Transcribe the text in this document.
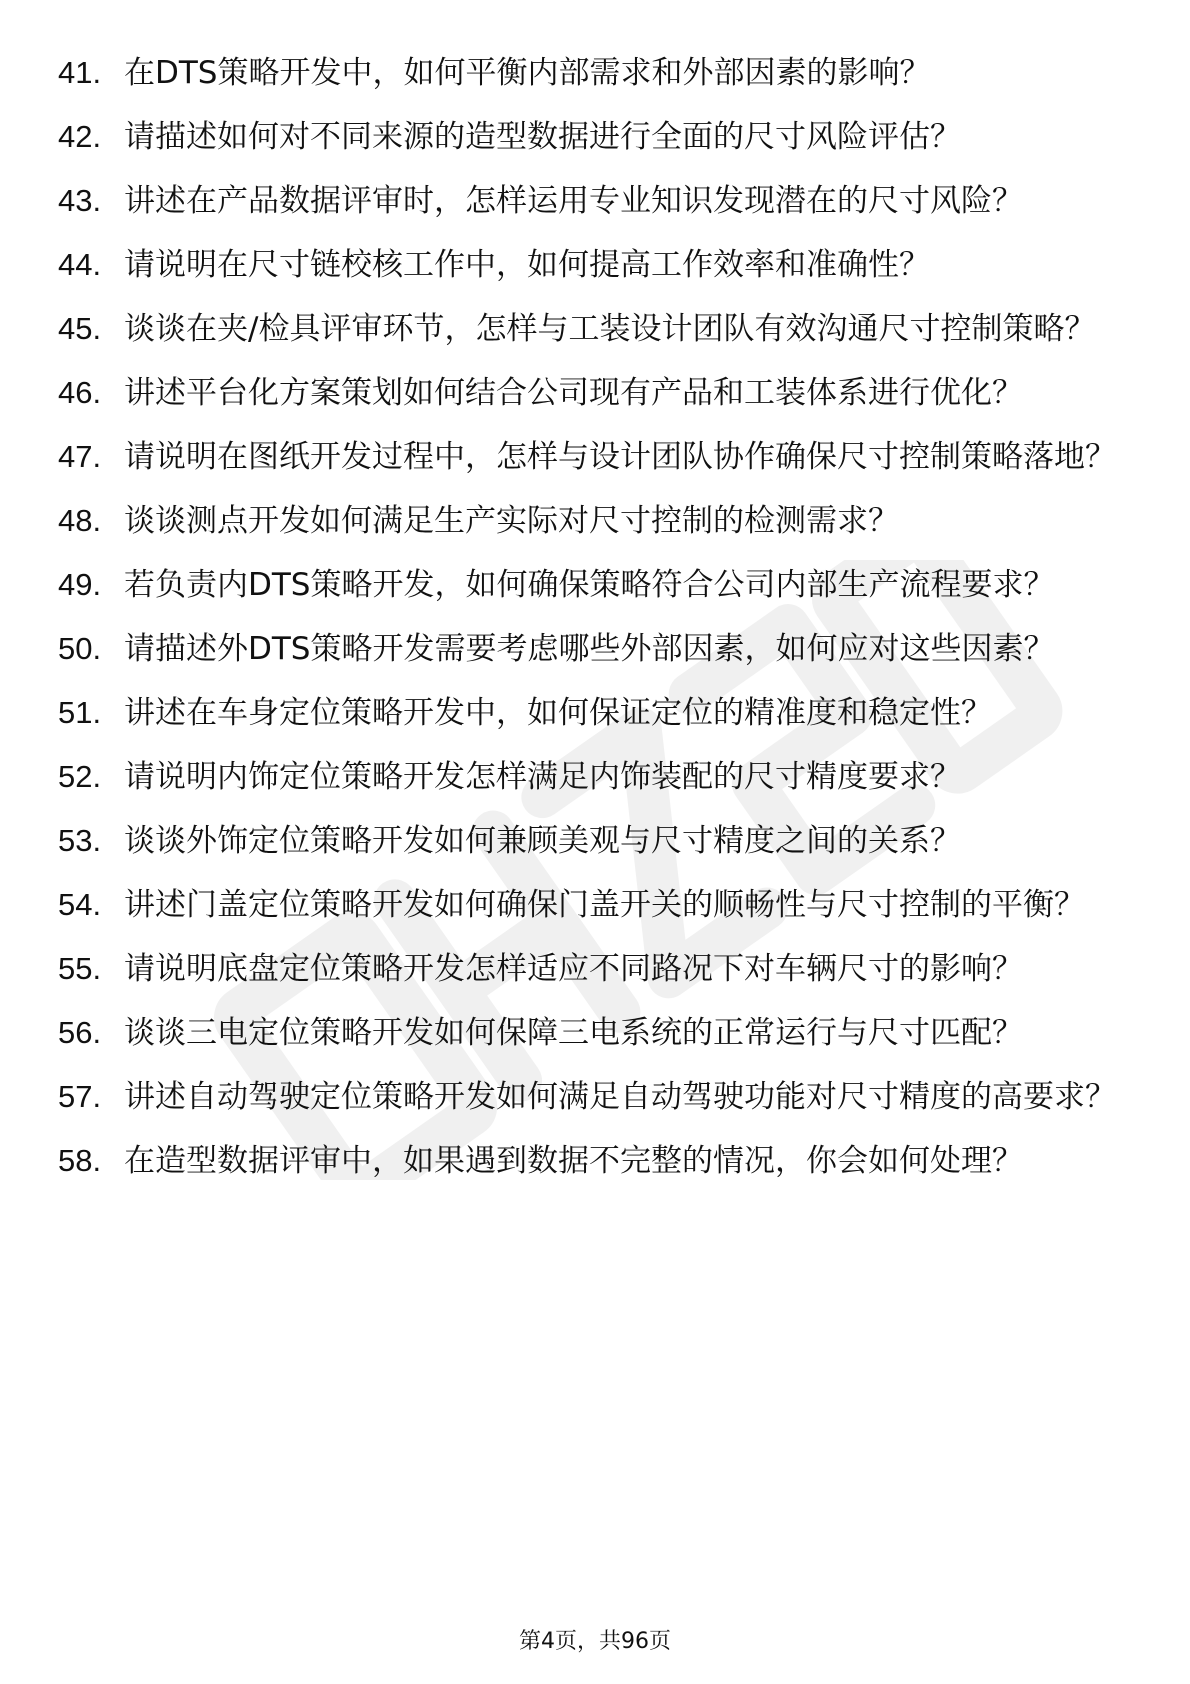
41. 在DTS策略开发中，如何平衡内部需求和外部因素的影响？
42. 请描述如何对不同来源的造型数据进行全面的尺寸风险评估？
43. 讲述在产品数据评审时，怎样运用专业知识发现潜在的尺寸风险？
44. 请说明在尺寸链校核工作中，如何提高工作效率和准确性？
45. 谈谈在夹/检具评审环节，怎样与工装设计团队有效沟通尺寸控制策略？
46. 讲述平台化方案策划如何结合公司现有产品和工装体系进行优化？
47. 请说明在图纸开发过程中，怎样与设计团队协作确保尺寸控制策略落地？
48. 谈谈测点开发如何满足生产实际对尺寸控制的检测需求？
49. 若负责内DTS策略开发，如何确保策略符合公司内部生产流程要求？
50. 请描述外DTS策略开发需要考虑哪些外部因素，如何应对这些因素？
51. 讲述在车身定位策略开发中，如何保证定位的精准度和稳定性？
52. 请说明内饰定位策略开发怎样满足内饰装配的尺寸精度要求？
53. 谈谈外饰定位策略开发如何兼顾美观与尺寸精度之间的关系？
54. 讲述门盖定位策略开发如何确保门盖开关的顺畅性与尺寸控制的平衡？
55. 请说明底盘定位策略开发怎样适应不同路况下对车辆尺寸的影响？
56. 谈谈三电定位策略开发如何保障三电系统的正常运行与尺寸匹配？
57. 讲述自动驾驶定位策略开发如何满足自动驾驶功能对尺寸精度的高要求？
58. 在造型数据评审中，如果遇到数据不完整的情况，你会如何处理？
第4页，共96页
